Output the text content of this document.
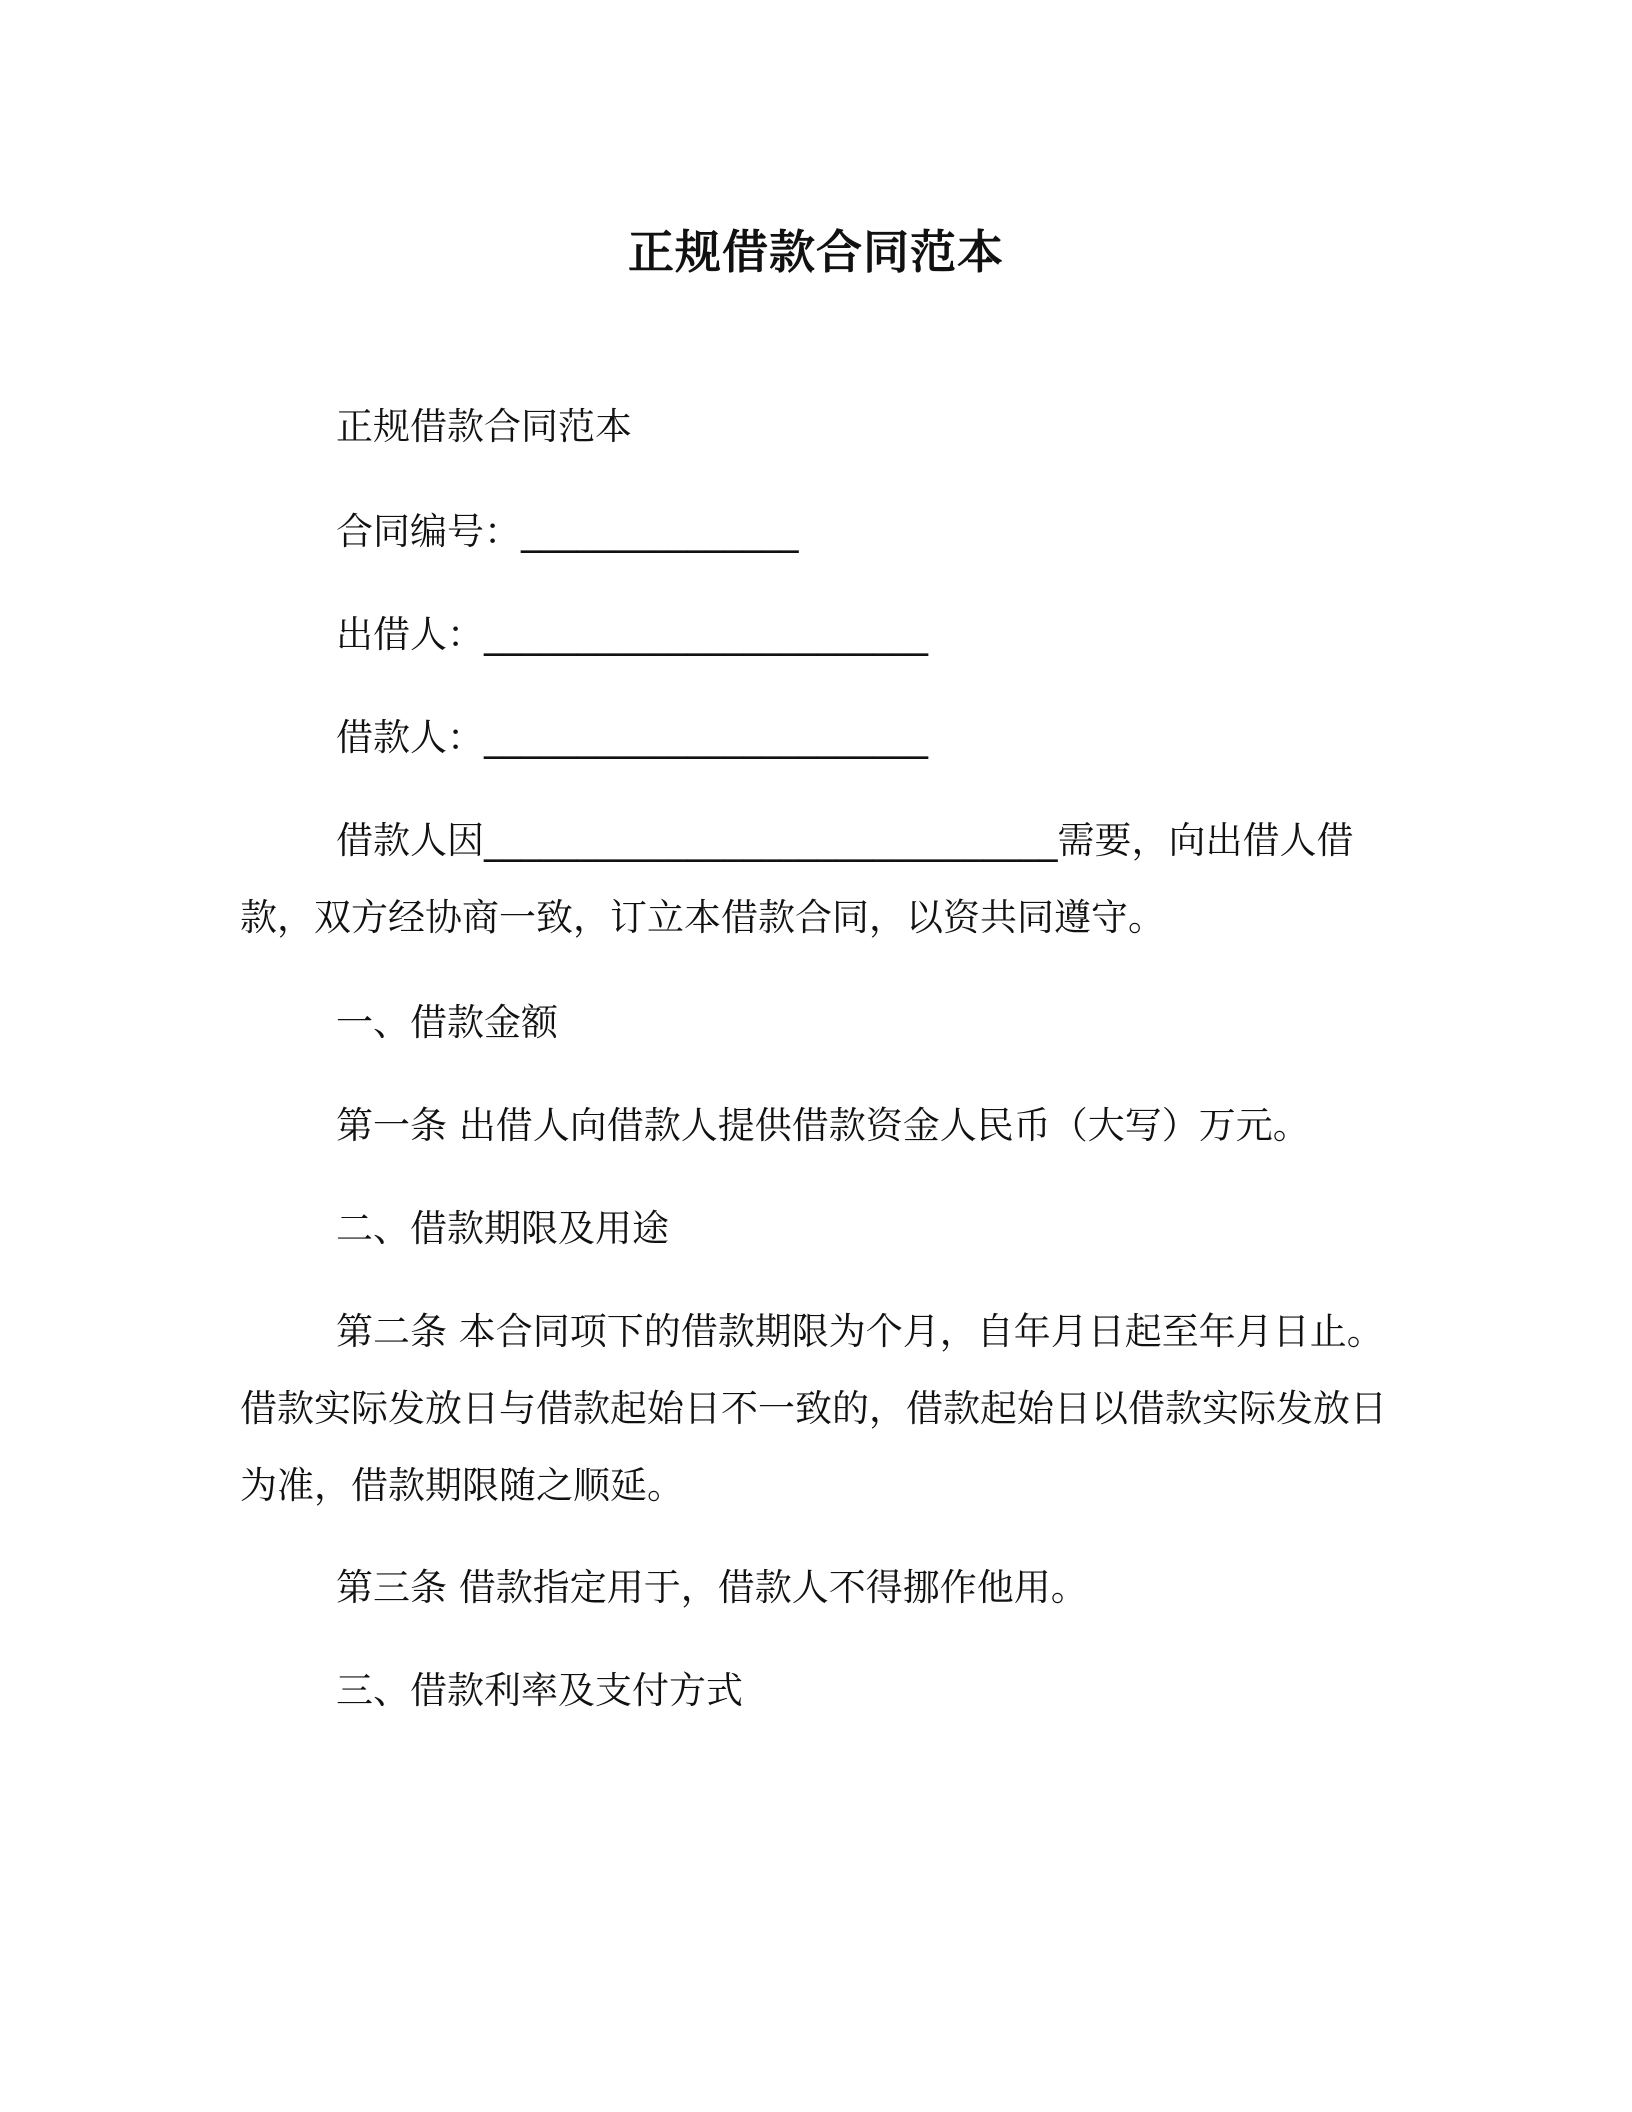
正规借款合同范本

正规借款合同范本

合同编号：_______________

出借人：________________________

借款人：________________________

借款人因_______________________________需要，向出借人借款，双方经协商一致，订立本借款合同，以资共同遵守。

一、借款金额

第一条 出借人向借款人提供借款资金人民币（大写）万元。

二、借款期限及用途

第二条 本合同项下的借款期限为个月，自年月日起至年月日止。借款实际发放日与借款起始日不一致的，借款起始日以借款实际发放日为准，借款期限随之顺延。

第三条 借款指定用于，借款人不得挪作他用。

三、借款利率及支付方式
